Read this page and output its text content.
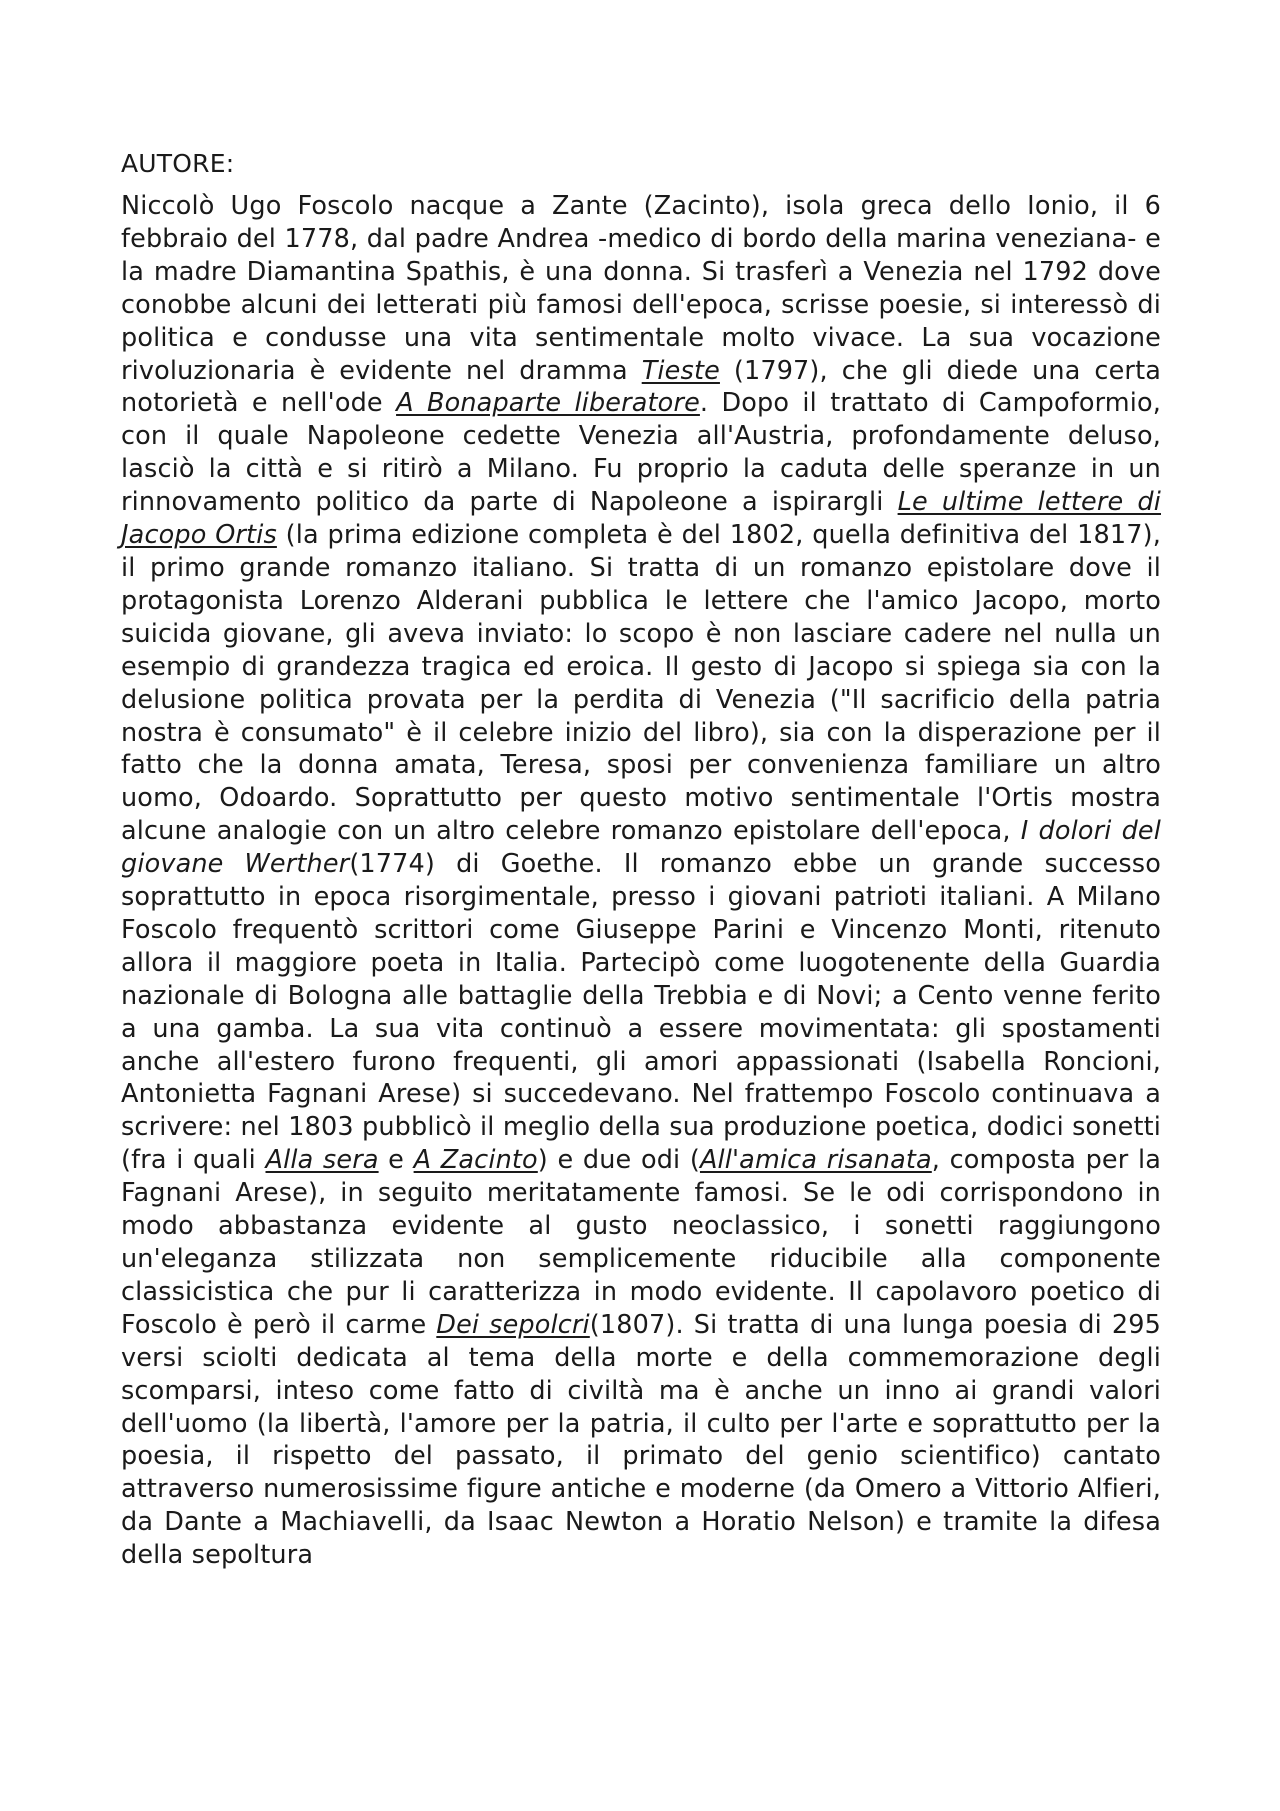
AUTORE:

Niccolò Ugo Foscolo nacque a Zante (Zacinto), isola greca dello Ionio, il 6 febbraio del 1778, dal padre Andrea -medico di bordo della marina veneziana- e la madre Diamantina Spathis, è una donna. Si trasferì a Venezia nel 1792 dove conobbe alcuni dei letterati più famosi dell'epoca, scrisse poesie, si interessò di politica e condusse una vita sentimentale molto vivace. La sua vocazione rivoluzionaria è evidente nel dramma Tieste (1797), che gli diede una certa notorietà e nell'ode A Bonaparte liberatore. Dopo il trattato di Campoformio, con il quale Napoleone cedette Venezia all'Austria, profondamente deluso, lasciò la città e si ritirò a Milano. Fu proprio la caduta delle speranze in un rinnovamento politico da parte di Napoleone a ispirargli Le ultime lettere di Jacopo Ortis (la prima edizione completa è del 1802, quella definitiva del 1817), il primo grande romanzo italiano. Si tratta di un romanzo epistolare dove il protagonista Lorenzo Alderani pubblica le lettere che l'amico Jacopo, morto suicida giovane, gli aveva inviato: lo scopo è non lasciare cadere nel nulla un esempio di grandezza tragica ed eroica. Il gesto di Jacopo si spiega sia con la delusione politica provata per la perdita di Venezia ("Il sacrificio della patria nostra è consumato" è il celebre inizio del libro), sia con la disperazione per il fatto che la donna amata, Teresa, sposi per convenienza familiare un altro uomo, Odoardo. Soprattutto per questo motivo sentimentale l'Ortis mostra alcune analogie con un altro celebre romanzo epistolare dell'epoca, I dolori del giovane Werther(1774) di Goethe. Il romanzo ebbe un grande successo soprattutto in epoca risorgimentale, presso i giovani patrioti italiani. A Milano Foscolo frequentò scrittori come Giuseppe Parini e Vincenzo Monti, ritenuto allora il maggiore poeta in Italia. Partecipò come luogotenente della Guardia nazionale di Bologna alle battaglie della Trebbia e di Novi; a Cento venne ferito a una gamba. La sua vita continuò a essere movimentata: gli spostamenti anche all'estero furono frequenti, gli amori appassionati (Isabella Roncioni, Antonietta Fagnani Arese) si succedevano. Nel frattempo Foscolo continuava a scrivere: nel 1803 pubblicò il meglio della sua produzione poetica, dodici sonetti (fra i quali Alla sera e A Zacinto) e due odi (All'amica risanata, composta per la Fagnani Arese), in seguito meritatamente famosi. Se le odi corrispondono in modo abbastanza evidente al gusto neoclassico, i sonetti raggiungono un'eleganza stilizzata non semplicemente riducibile alla componente classicistica che pur li caratterizza in modo evidente. Il capolavoro poetico di Foscolo è però il carme Dei sepolcri(1807). Si tratta di una lunga poesia di 295 versi sciolti dedicata al tema della morte e della commemorazione degli scomparsi, inteso come fatto di civiltà ma è anche un inno ai grandi valori dell'uomo (la libertà, l'amore per la patria, il culto per l'arte e soprattutto per la poesia, il rispetto del passato, il primato del genio scientifico) cantato attraverso numerosissime figure antiche e moderne (da Omero a Vittorio Alfieri, da Dante a Machiavelli, da Isaac Newton a Horatio Nelson) e tramite la difesa della sepoltura
